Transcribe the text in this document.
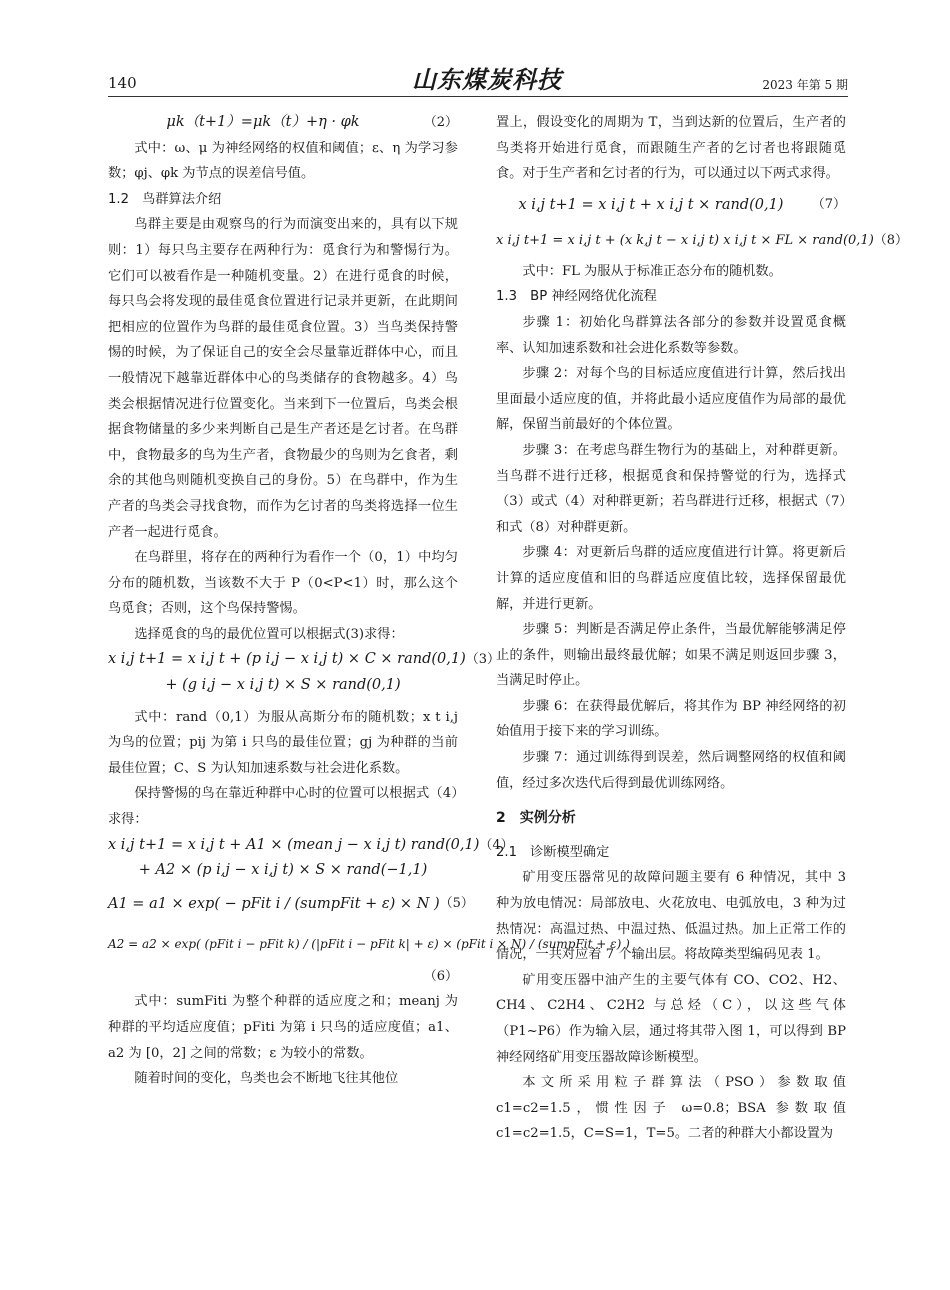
140	山东煤炭科技	2023 年第 5 期
μk（t+1）=μk（t）+η · φk	（2）

式中：ω、μ 为神经网络的权值和阈值；ε、η 为学习参数；φj、φk 为节点的误差信号值。

1.2　鸟群算法介绍

鸟群主要是由观察鸟的行为而演变出来的，具有以下规则：1）每只鸟主要存在两种行为：觅食行为和警惕行为。它们可以被看作是一种随机变量。2）在进行觅食的时候，每只鸟会将发现的最佳觅食位置进行记录并更新，在此期间把相应的位置作为鸟群的最佳觅食位置。3）当鸟类保持警惕的时候，为了保证自己的安全会尽量靠近群体中心，而且一般情况下越靠近群体中心的鸟类储存的食物越多。4）鸟类会根据情况进行位置变化。当来到下一位置后，鸟类会根据食物储量的多少来判断自己是生产者还是乞讨者。在鸟群中，食物最多的鸟为生产者，食物最少的鸟则为乞食者，剩余的其他鸟则随机变换自己的身份。5）在鸟群中，作为生产者的鸟类会寻找食物，而作为乞讨者的鸟类将选择一位生产者一起进行觅食。

在鸟群里，将存在的两种行为看作一个（0，1）中均匀分布的随机数，当该数不大于 P（0<P<1）时，那么这个鸟觅食；否则，这个鸟保持警惕。

选择觅食的鸟的最优位置可以根据式(3)求得：

x i,j t+1 = x i,j t + (p i,j − x i,j t) × C × rand(0,1) （3）
+ (g i,j − x i,j t) × S × rand(0,1)

式中：rand（0,1）为服从高斯分布的随机数；x t i,j 为鸟的位置；pij 为第 i 只鸟的最佳位置；gj 为种群的当前最佳位置；C、S 为认知加速系数与社会进化系数。

保持警惕的鸟在靠近种群中心时的位置可以根据式（4）求得：

x i,j t+1 = x i,j t + A1 × (mean j − x i,j t) rand(0,1) （4）
+ A2 × (p i,j − x i,j t) × S × rand(−1,1)
A1 = a1 × exp( − pFit i / (sumpFit + ε) × N ) （5）
A2 = a2 × exp( (pFit i − pFit k) / (|pFit i − pFit k| + ε) × (pFit i × N) / (sumpFit + ε) )
（6）

式中：sumFiti 为整个种群的适应度之和；meanj 为种群的平均适应度值；pFiti 为第 i 只鸟的适应度值；a1、a2 为 [0，2] 之间的常数；ε 为较小的常数。

随着时间的变化，鸟类也会不断地飞往其他位

置上，假设变化的周期为 T，当到达新的位置后，生产者的鸟类将开始进行觅食，而跟随生产者的乞讨者也将跟随觅食。对于生产者和乞讨者的行为，可以通过以下两式求得。

x i,j t+1 = x i,j t + x i,j t × rand(0,1)	（7）
x i,j t+1 = x i,j t + (x k,j t − x i,j t) x i,j t × FL × rand(0,1) （8）

式中：FL 为服从于标准正态分布的随机数。

1.3　BP 神经网络优化流程

步骤 1：初始化鸟群算法各部分的参数并设置觅食概率、认知加速系数和社会进化系数等参数。

步骤 2：对每个鸟的目标适应度值进行计算，然后找出里面最小适应度的值，并将此最小适应度值作为局部的最优解，保留当前最好的个体位置。

步骤 3：在考虑鸟群生物行为的基础上，对种群更新。当鸟群不进行迁移，根据觅食和保持警觉的行为，选择式（3）或式（4）对种群更新；若鸟群进行迁移，根据式（7）和式（8）对种群更新。

步骤 4：对更新后鸟群的适应度值进行计算。将更新后计算的适应度值和旧的鸟群适应度值比较，选择保留最优解，并进行更新。

步骤 5：判断是否满足停止条件，当最优解能够满足停止的条件，则输出最终最优解；如果不满足则返回步骤 3，当满足时停止。

步骤 6：在获得最优解后，将其作为 BP 神经网络的初始值用于接下来的学习训练。

步骤 7：通过训练得到误差，然后调整网络的权值和阈值，经过多次迭代后得到最优训练网络。

2　实例分析

2.1　诊断模型确定

矿用变压器常见的故障问题主要有 6 种情况，其中 3 种为放电情况：局部放电、火花放电、电弧放电，3 种为过热情况：高温过热、中温过热、低温过热。加上正常工作的情况，一共对应着 7 个输出层。将故障类型编码见表 1。

矿用变压器中油产生的主要气体有 CO、CO2、H2、CH4、C2H4、C2H2 与总烃（C），以这些气体（P1~P6）作为输入层，通过将其带入图 1，可以得到 BP 神经网络矿用变压器故障诊断模型。

本文所采用粒子群算法（PSO）参数取值 c1=c2=1.5，惯性因子 ω=0.8；BSA 参数取值 c1=c2=1.5，C=S=1，T=5。二者的种群大小都设置为
